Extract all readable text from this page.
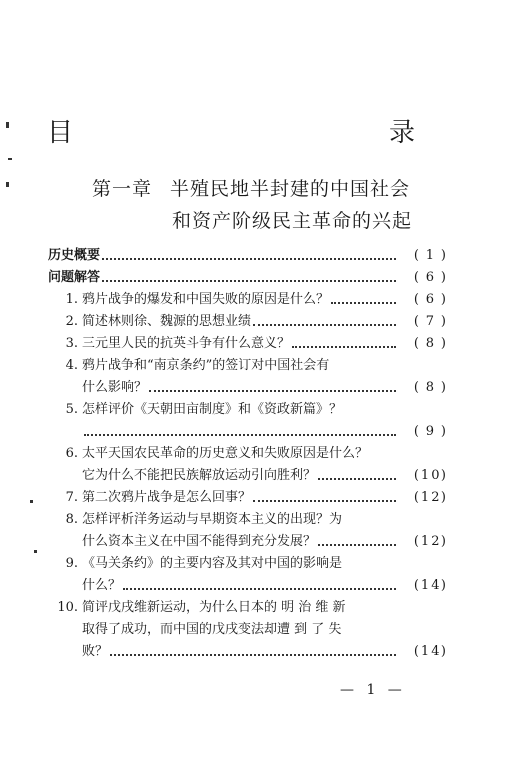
目　　录
第一章 半殖民地半封建的中国社会
和资产阶级民主革命的兴起
历史概要	( 1 )
问题解答	( 6 )
1. 鸦片战争的爆发和中国失败的原因是什么？	( 6 )
2. 简述林则徐、魏源的思想业绩	( 7 )
3. 三元里人民的抗英斗争有什么意义？	( 8 )
4. 鸦片战争和“南京条约”的签订对中国社会有
什么影响？	( 8 )
5. 怎样评价《天朝田亩制度》和《资政新篇》？
( 9 )
6. 太平天国农民革命的历史意义和失败原因是什么？
它为什么不能把民族解放运动引向胜利？	(10)
7. 第二次鸦片战争是怎么回事？	(12)
8. 怎样评析洋务运动与早期资本主义的出现？为
什么资本主义在中国不能得到充分发展？	(12)
9. 《马关条约》的主要内容及其对中国的影响是
什么？	(14)
10. 简评戊戌维新运动，为什么日本的 明 治 维 新
取得了成功，而中国的戊戌变法却遭 到 了 失
败？	(14)
— 1 —
